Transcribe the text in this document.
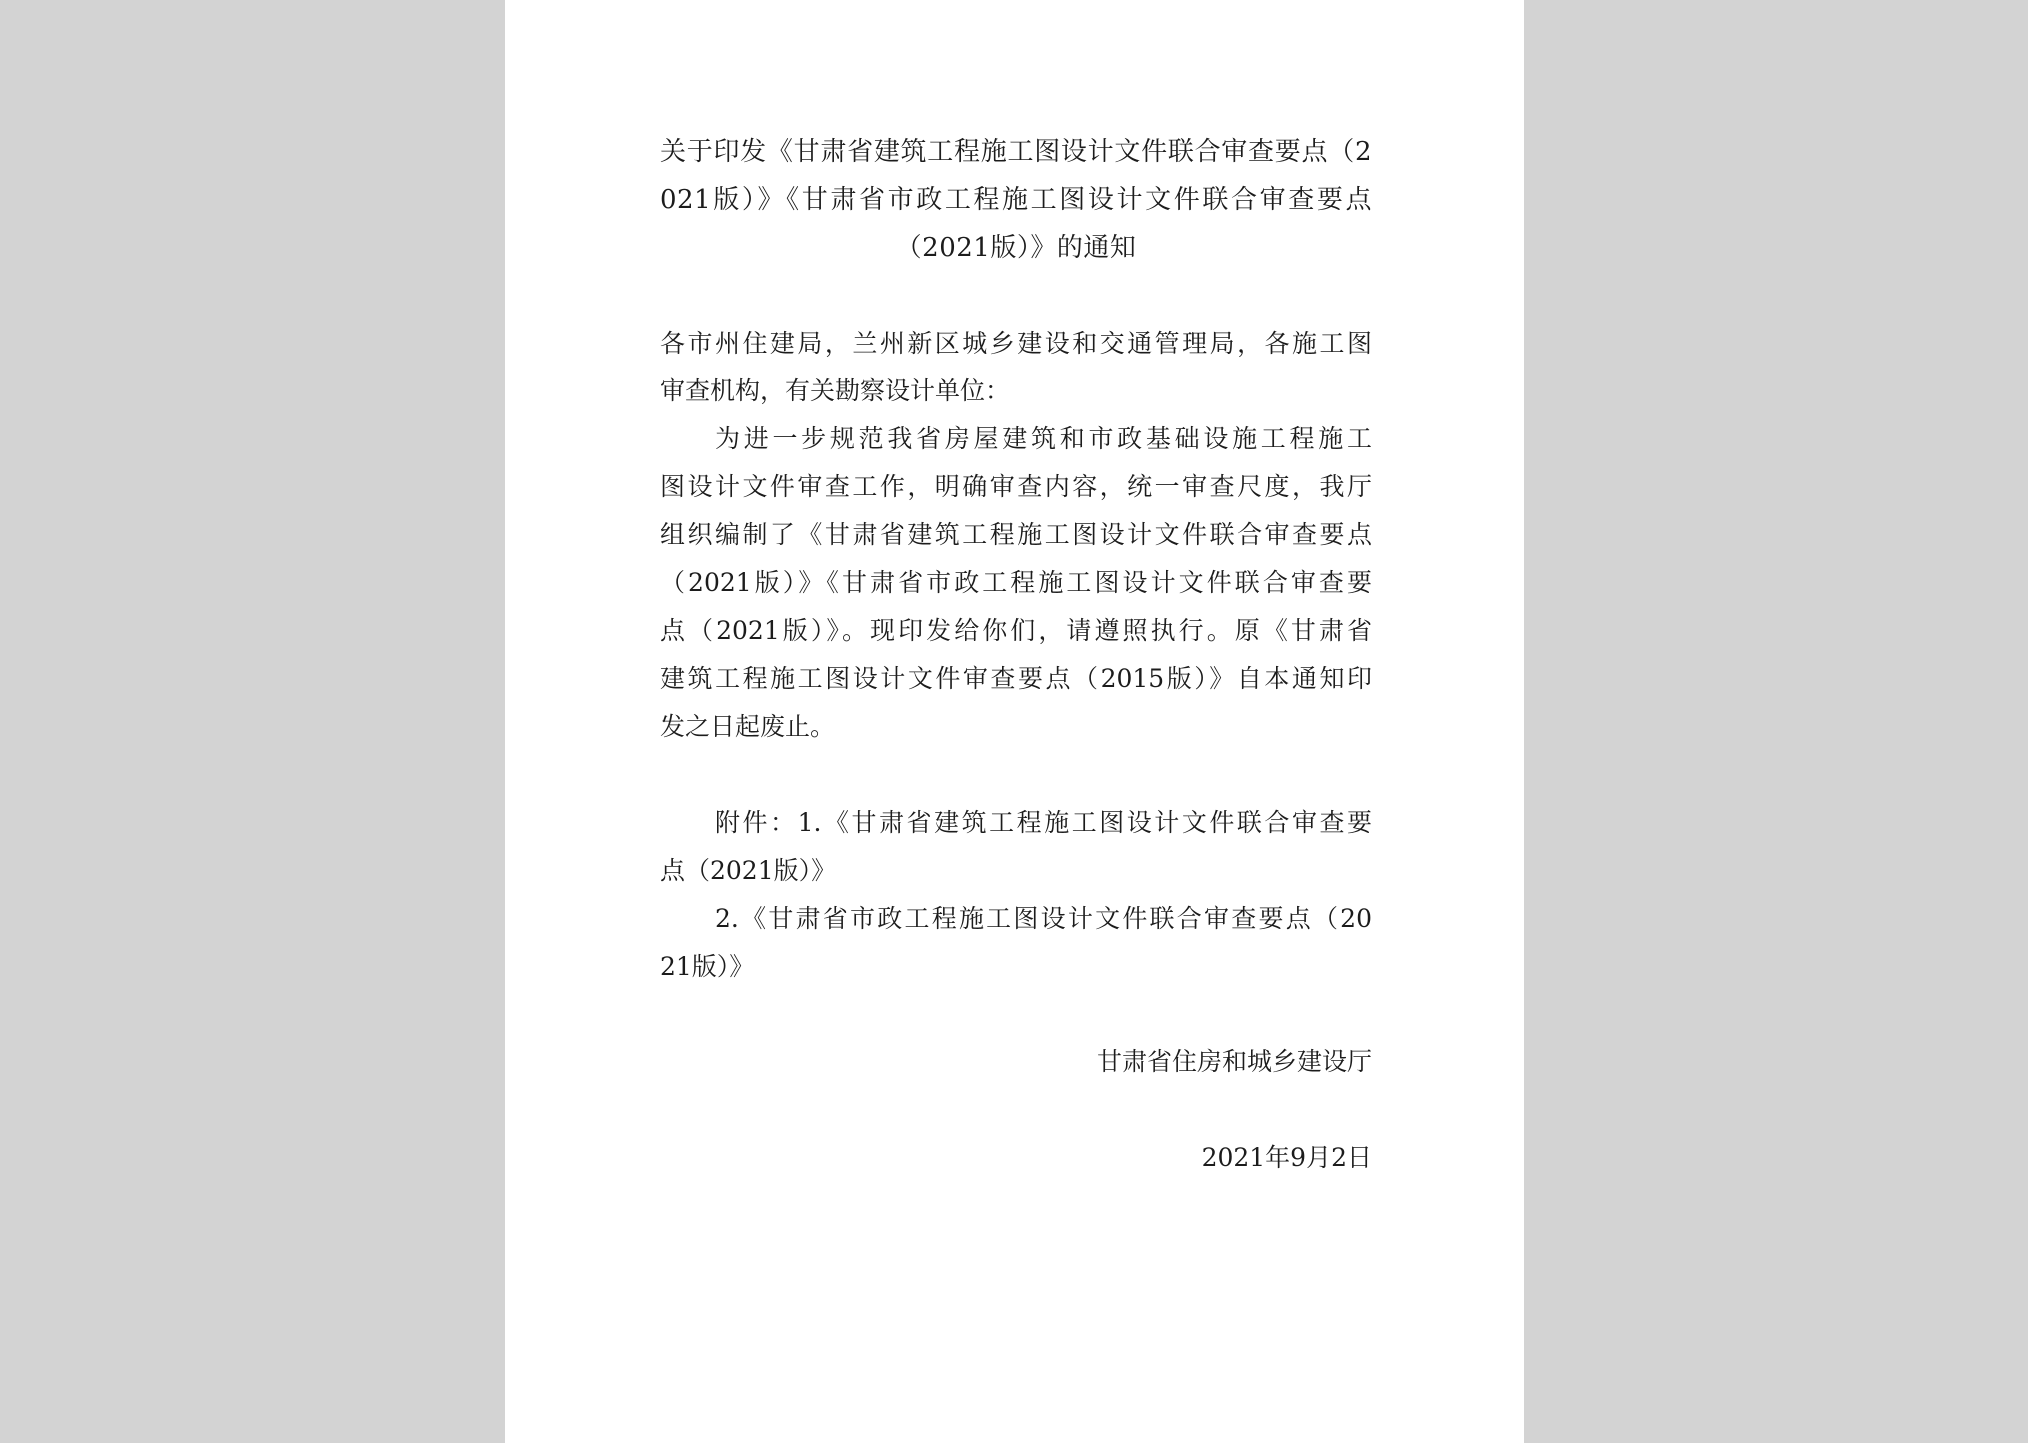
关于印发《甘肃省建筑工程施工图设计文件联合审查要点（2
021版）》《甘肃省市政工程施工图设计文件联合审查要点
（2021版）》的通知
各市州住建局，兰州新区城乡建设和交通管理局，各施工图
审查机构，有关勘察设计单位：
为进一步规范我省房屋建筑和市政基础设施工程施工
图设计文件审查工作，明确审查内容，统一审查尺度，我厅
组织编制了《甘肃省建筑工程施工图设计文件联合审查要点
（2021版）》《甘肃省市政工程施工图设计文件联合审查要
点（2021版）》。现印发给你们，请遵照执行。原《甘肃省
建筑工程施工图设计文件审查要点（2015版）》自本通知印
发之日起废止。
附件：1.《甘肃省建筑工程施工图设计文件联合审查要
点（2021版）》
2.《甘肃省市政工程施工图设计文件联合审查要点（20
21版）》
甘肃省住房和城乡建设厅
2021年9月2日
